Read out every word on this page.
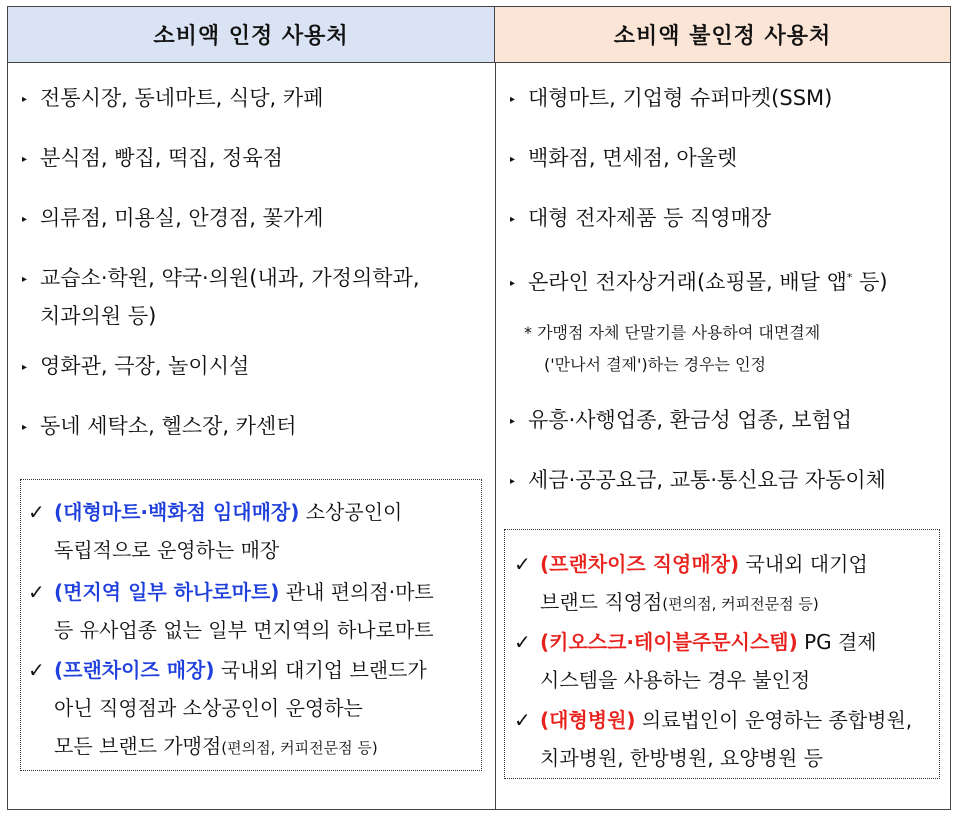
소비액 인정 사용처	소비액 불인정 사용처
▸ 전통시장, 동네마트, 식당, 카페
▸ 분식점, 빵집, 떡집, 정육점
▸ 의류점, 미용실, 안경점, 꽃가게
▸ 교습소·학원, 약국·의원(내과, 가정의학과,
치과의원 등)
▸ 영화관, 극장, 놀이시설
▸ 동네 세탁소, 헬스장, 카센터
▸ 대형마트, 기업형 슈퍼마켓(SSM)
▸ 백화점, 면세점, 아울렛
▸ 대형 전자제품 등 직영매장
▸ 온라인 전자상거래(쇼핑몰, 배달 앱* 등)
* 가맹점 자체 단말기를 사용하여 대면결제
('만나서 결제')하는 경우는 인정
▸ 유흥·사행업종, 환금성 업종, 보험업
▸ 세금·공공요금, 교통·통신요금 자동이체
✓ (대형마트·백화점 임대매장) 소상공인이
독립적으로 운영하는 매장
✓ (면지역 일부 하나로마트) 관내 편의점·마트
등 유사업종 없는 일부 면지역의 하나로마트
✓ (프랜차이즈 매장) 국내외 대기업 브랜드가
아닌 직영점과 소상공인이 운영하는
모든 브랜드 가맹점(편의점, 커피전문점 등)
✓ (프랜차이즈 직영매장) 국내외 대기업
브랜드 직영점(편의점, 커피전문점 등)
✓ (키오스크·테이블주문시스템) PG 결제
시스템을 사용하는 경우 불인정
✓ (대형병원) 의료법인이 운영하는 종합병원,
치과병원, 한방병원, 요양병원 등
